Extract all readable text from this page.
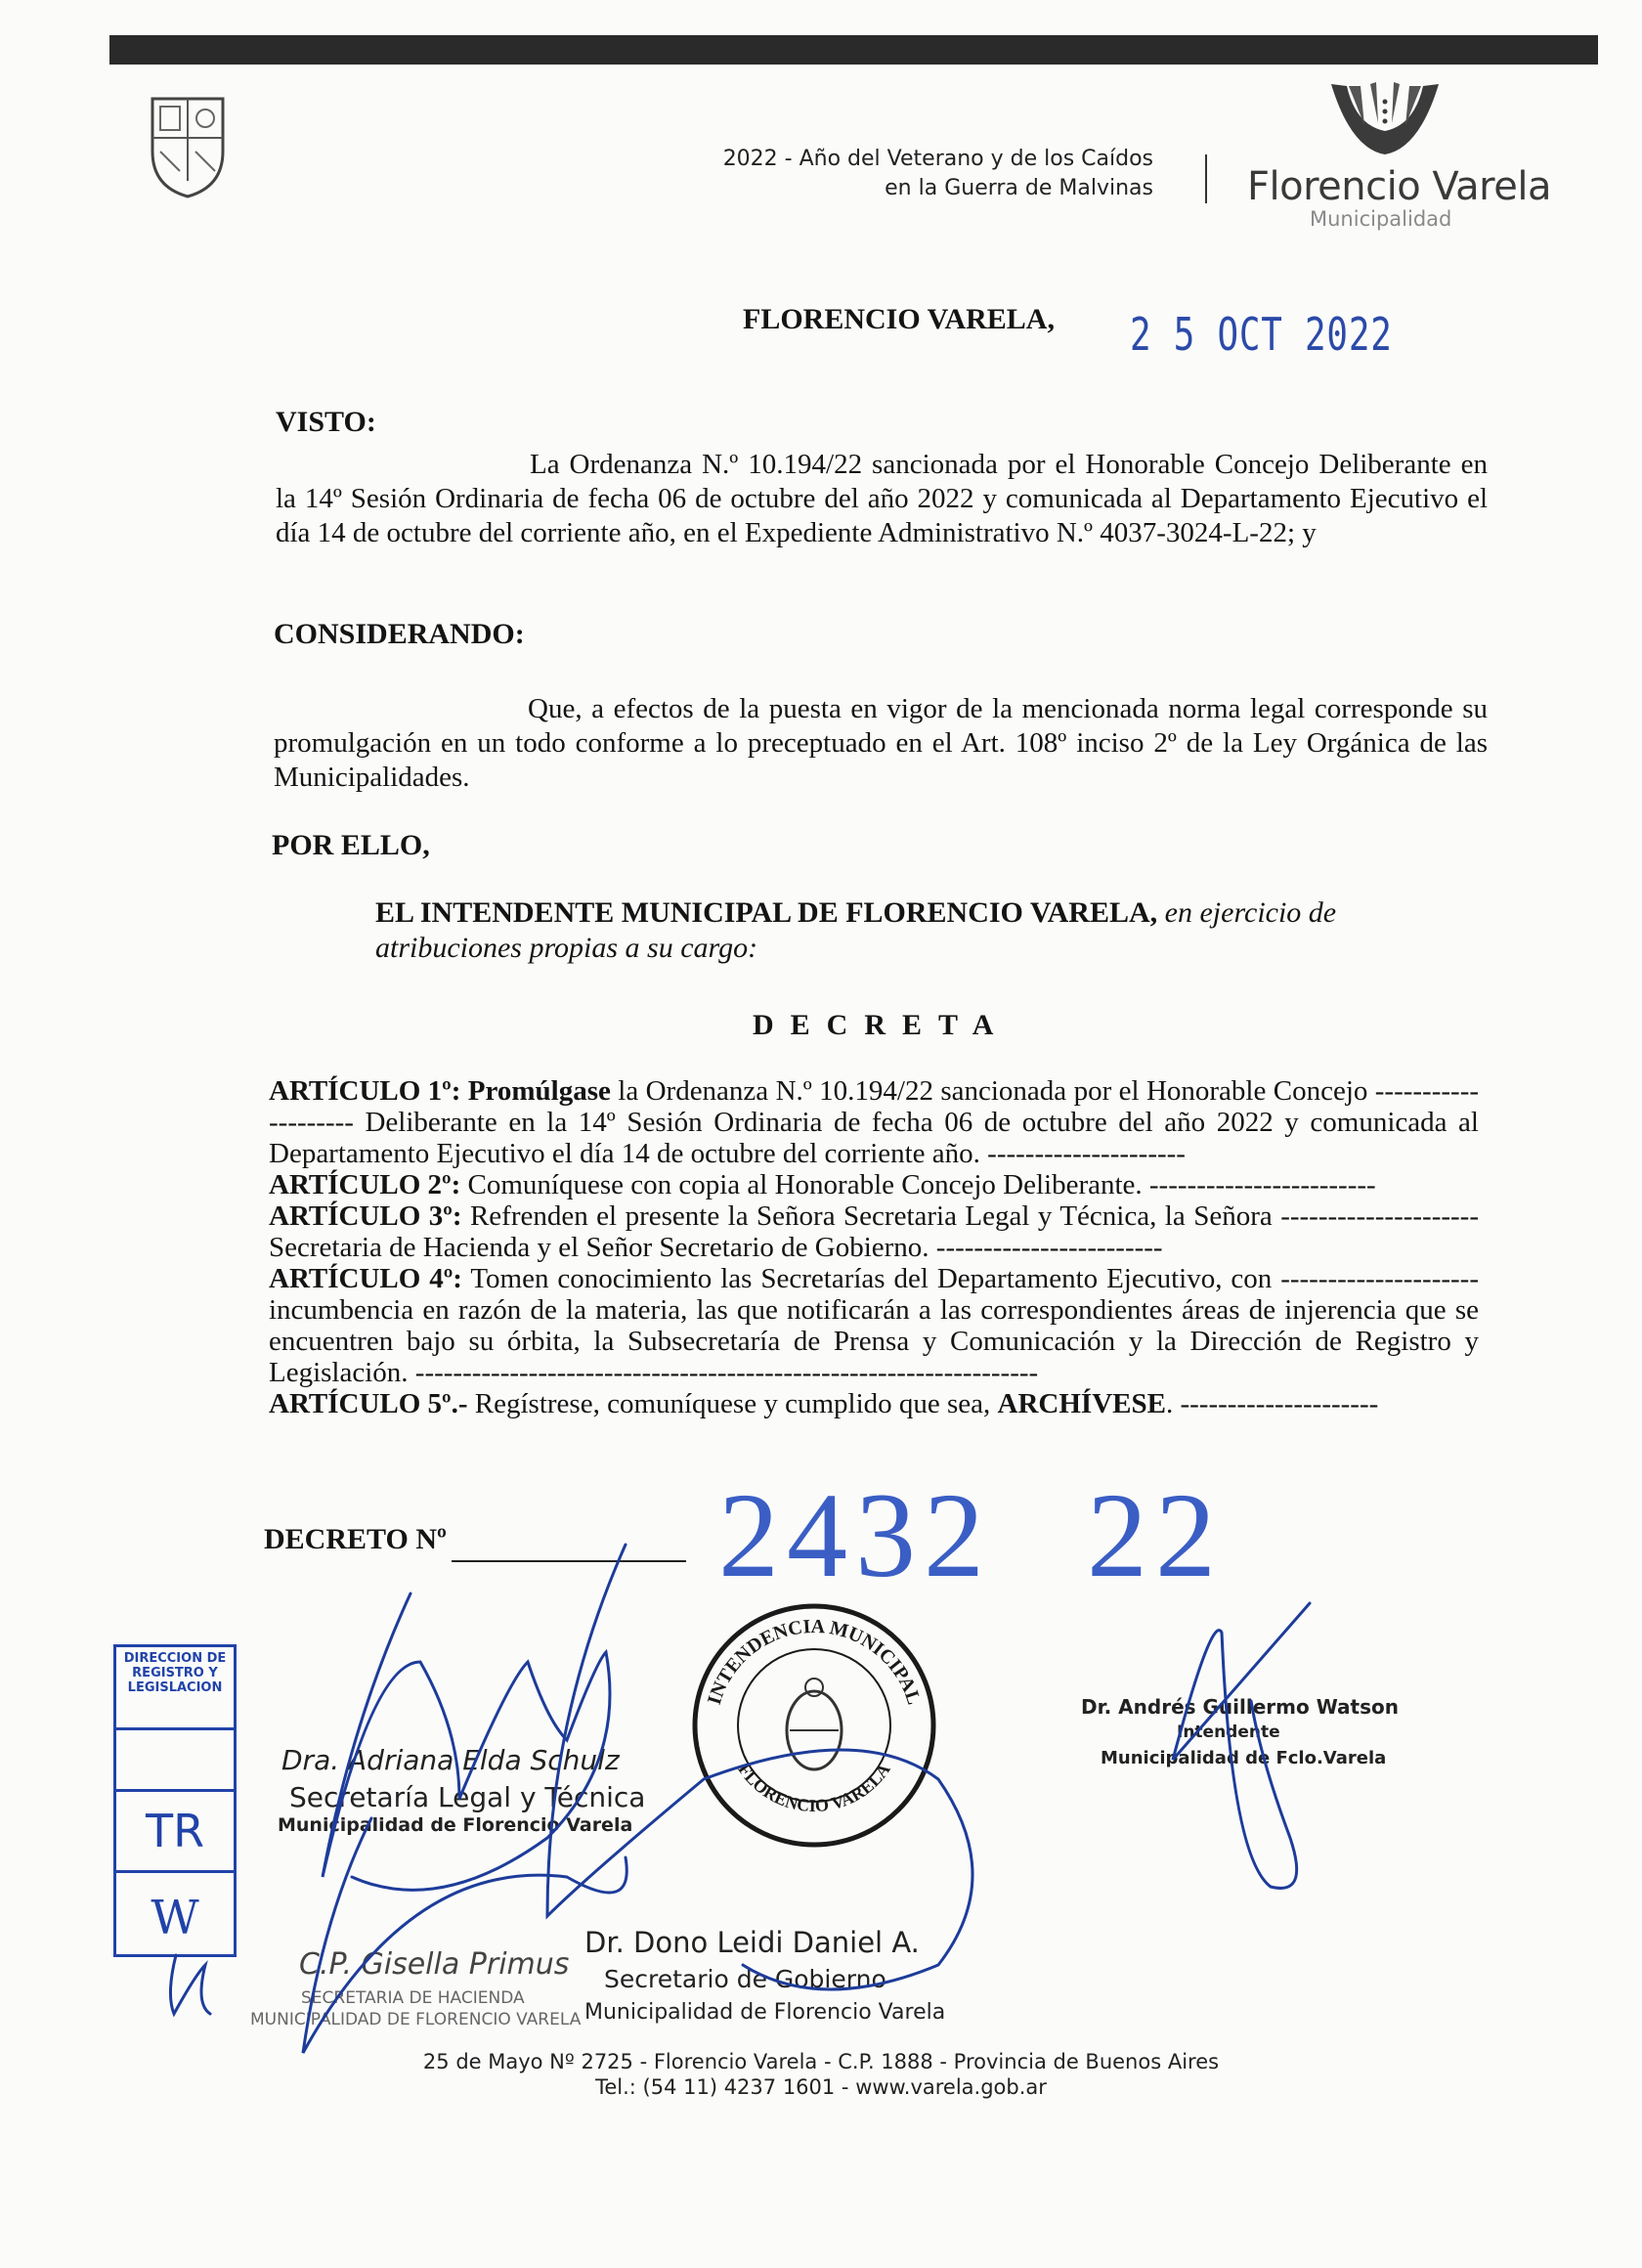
2022 - Año del Veterano y de los Caídos
en la Guerra de Malvinas Florencio Varela
Municipalidad
FLORENCIO VARELA, 2 5 OCT 2022
VISTO:
La Ordenanza N.º 10.194/22 sancionada por el Honorable Concejo Deliberante en la 14º Sesión Ordinaria de fecha 06 de octubre del año 2022 y comunicada al Departamento Ejecutivo el día 14 de octubre del corriente año, en el Expediente Administrativo N.º 4037-3024-L-22; y
CONSIDERANDO:
Que, a efectos de la puesta en vigor de la mencionada norma legal corresponde su promulgación en un todo conforme a lo preceptuado en el Art. 108º inciso 2º de la Ley Orgánica de las Municipalidades.
POR ELLO,
EL INTENDENTE MUNICIPAL DE FLORENCIO VARELA, en ejercicio de atribuciones propias a su cargo:
DECRETA

ARTÍCULO 1º: Promúlgase la Ordenanza N.º 10.194/22 sancionada por el Honorable Concejo -------------------- Deliberante en la 14º Sesión Ordinaria de fecha 06 de octubre del año 2022 y comunicada al Departamento Ejecutivo el día 14 de octubre del corriente año. ---------------------

ARTÍCULO 2º: Comuníquese con copia al Honorable Concejo Deliberante. ------------------------

ARTÍCULO 3º: Refrenden el presente la Señora Secretaria Legal y Técnica, la Señora --------------------- Secretaria de Hacienda y el Señor Secretario de Gobierno. ------------------------

ARTÍCULO 4º: Tomen conocimiento las Secretarías del Departamento Ejecutivo, con --------------------- incumbencia en razón de la materia, las que notificarán a las correspondientes áreas de injerencia que se encuentren bajo su órbita, la Subsecretaría de Prensa y Comunicación y la Dirección de Registro y Legislación. ------------------------------------------------------------------

ARTÍCULO 5º.- Regístrese, comuníquese y cumplido que sea, ARCHÍVESE. ---------------------

DECRETO Nº 2432 22
INTENDENCIA MUNICIPAL
FLORENCIO VARELA
DIRECCION DE REGISTRO Y LEGISLACION
TR
W
Dra. Adriana Elda Schulz
Secretaría Legal y Técnica
Municipalidad de Florencio Varela
C.P. Gisella Primus
SECRETARIA DE HACIENDA
MUNICIPALIDAD DE FLORENCIO VARELA
Dr. Dono Leidi Daniel A.
Secretario de Gobierno
Municipalidad de Florencio Varela
Dr. Andrés Guillermo Watson
Intendente
Municipalidad de Fclo.Varela
25 de Mayo Nº 2725 - Florencio Varela - C.P. 1888 - Provincia de Buenos Aires
Tel.: (54 11) 4237 1601 - www.varela.gob.ar
